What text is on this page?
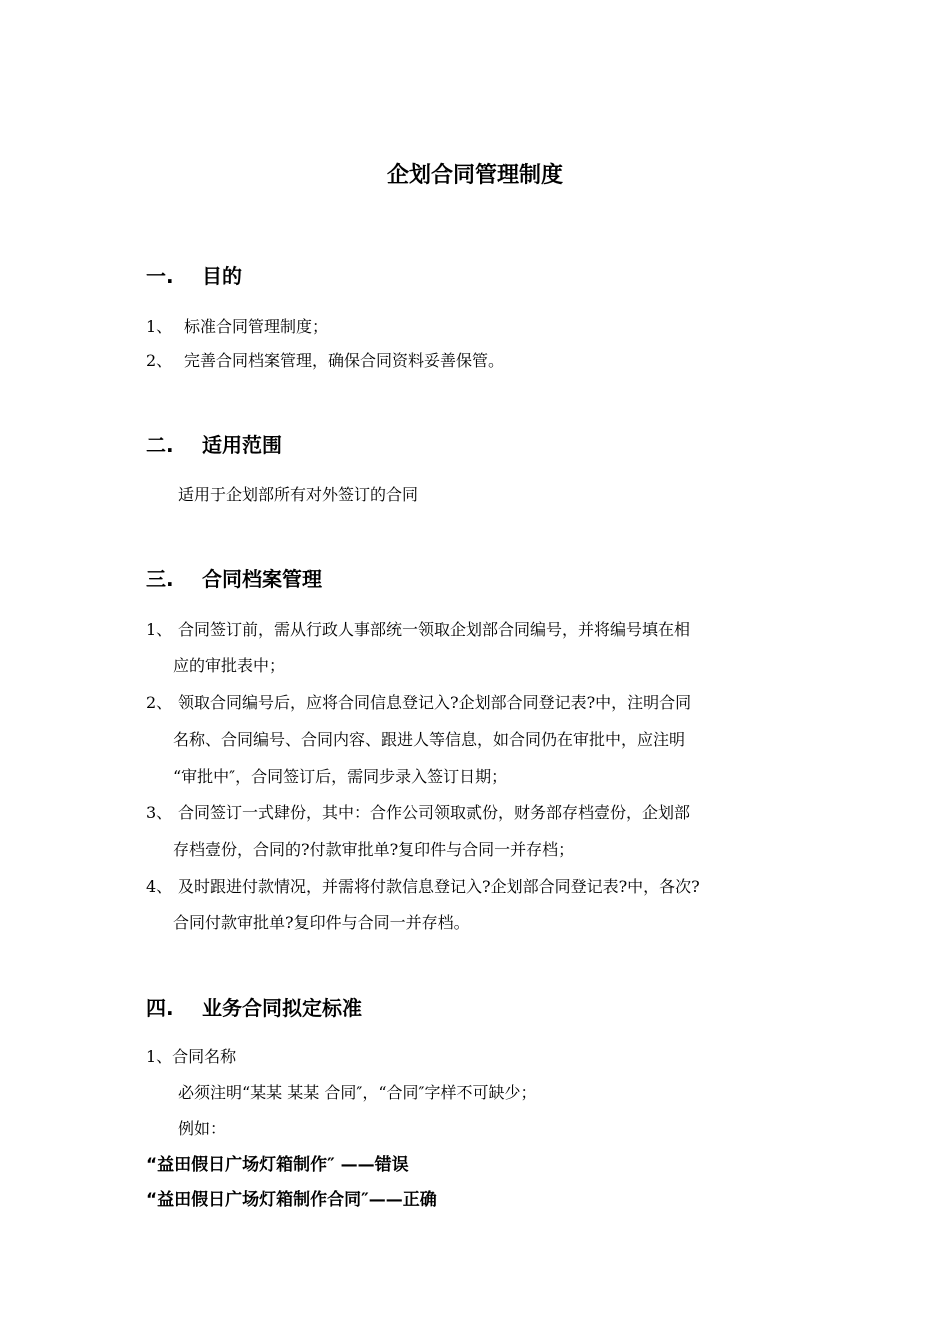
企划合同管理制度
一. 目的
1、 标准合同管理制度；
2、 完善合同档案管理，确保合同资料妥善保管。
二. 适用范围
适用于企划部所有对外签订的合同
三. 合同档案管理
1、 合同签订前，需从行政人事部统一领取企划部合同编号，并将编号填在相
应的审批表中；
2、 领取合同编号后，应将合同信息登记入?企划部合同登记表?中，注明合同
名称、合同编号、合同内容、跟进人等信息，如合同仍在审批中，应注明
“审批中″，合同签订后，需同步录入签订日期；
3、 合同签订一式肆份，其中：合作公司领取贰份，财务部存档壹份，企划部
存档壹份，合同的?付款审批单?复印件与合同一并存档；
4、 及时跟进付款情况，并需将付款信息登记入?企划部合同登记表?中，各次?
合同付款审批单?复印件与合同一并存档。
四. 业务合同拟定标准
1、合同名称
必须注明“某某 某某 合同″，“合同″字样不可缺少；
例如：
“益田假日广场灯箱制作″ ——错误
“益田假日广场灯箱制作合同″——正确
